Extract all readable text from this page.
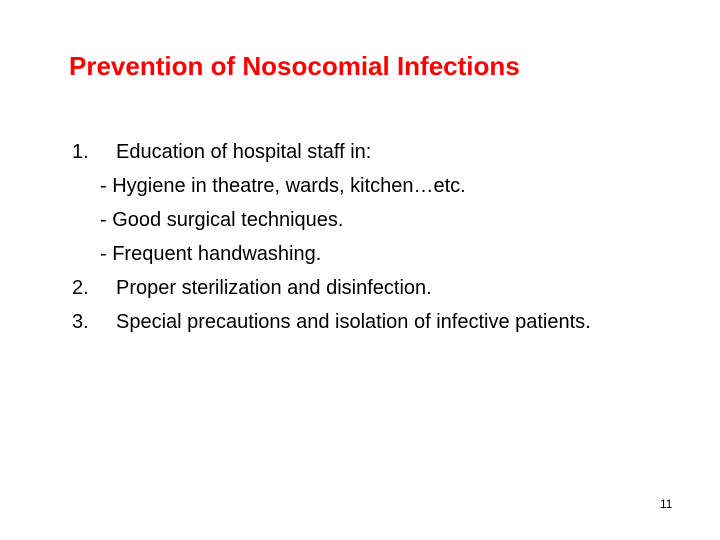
Prevention of Nosocomial Infections
1. Education of hospital staff in:
- Hygiene in theatre, wards, kitchen…etc.
- Good surgical techniques.
- Frequent handwashing.
2. Proper sterilization and disinfection.
3. Special precautions and isolation of infective patients.
11
